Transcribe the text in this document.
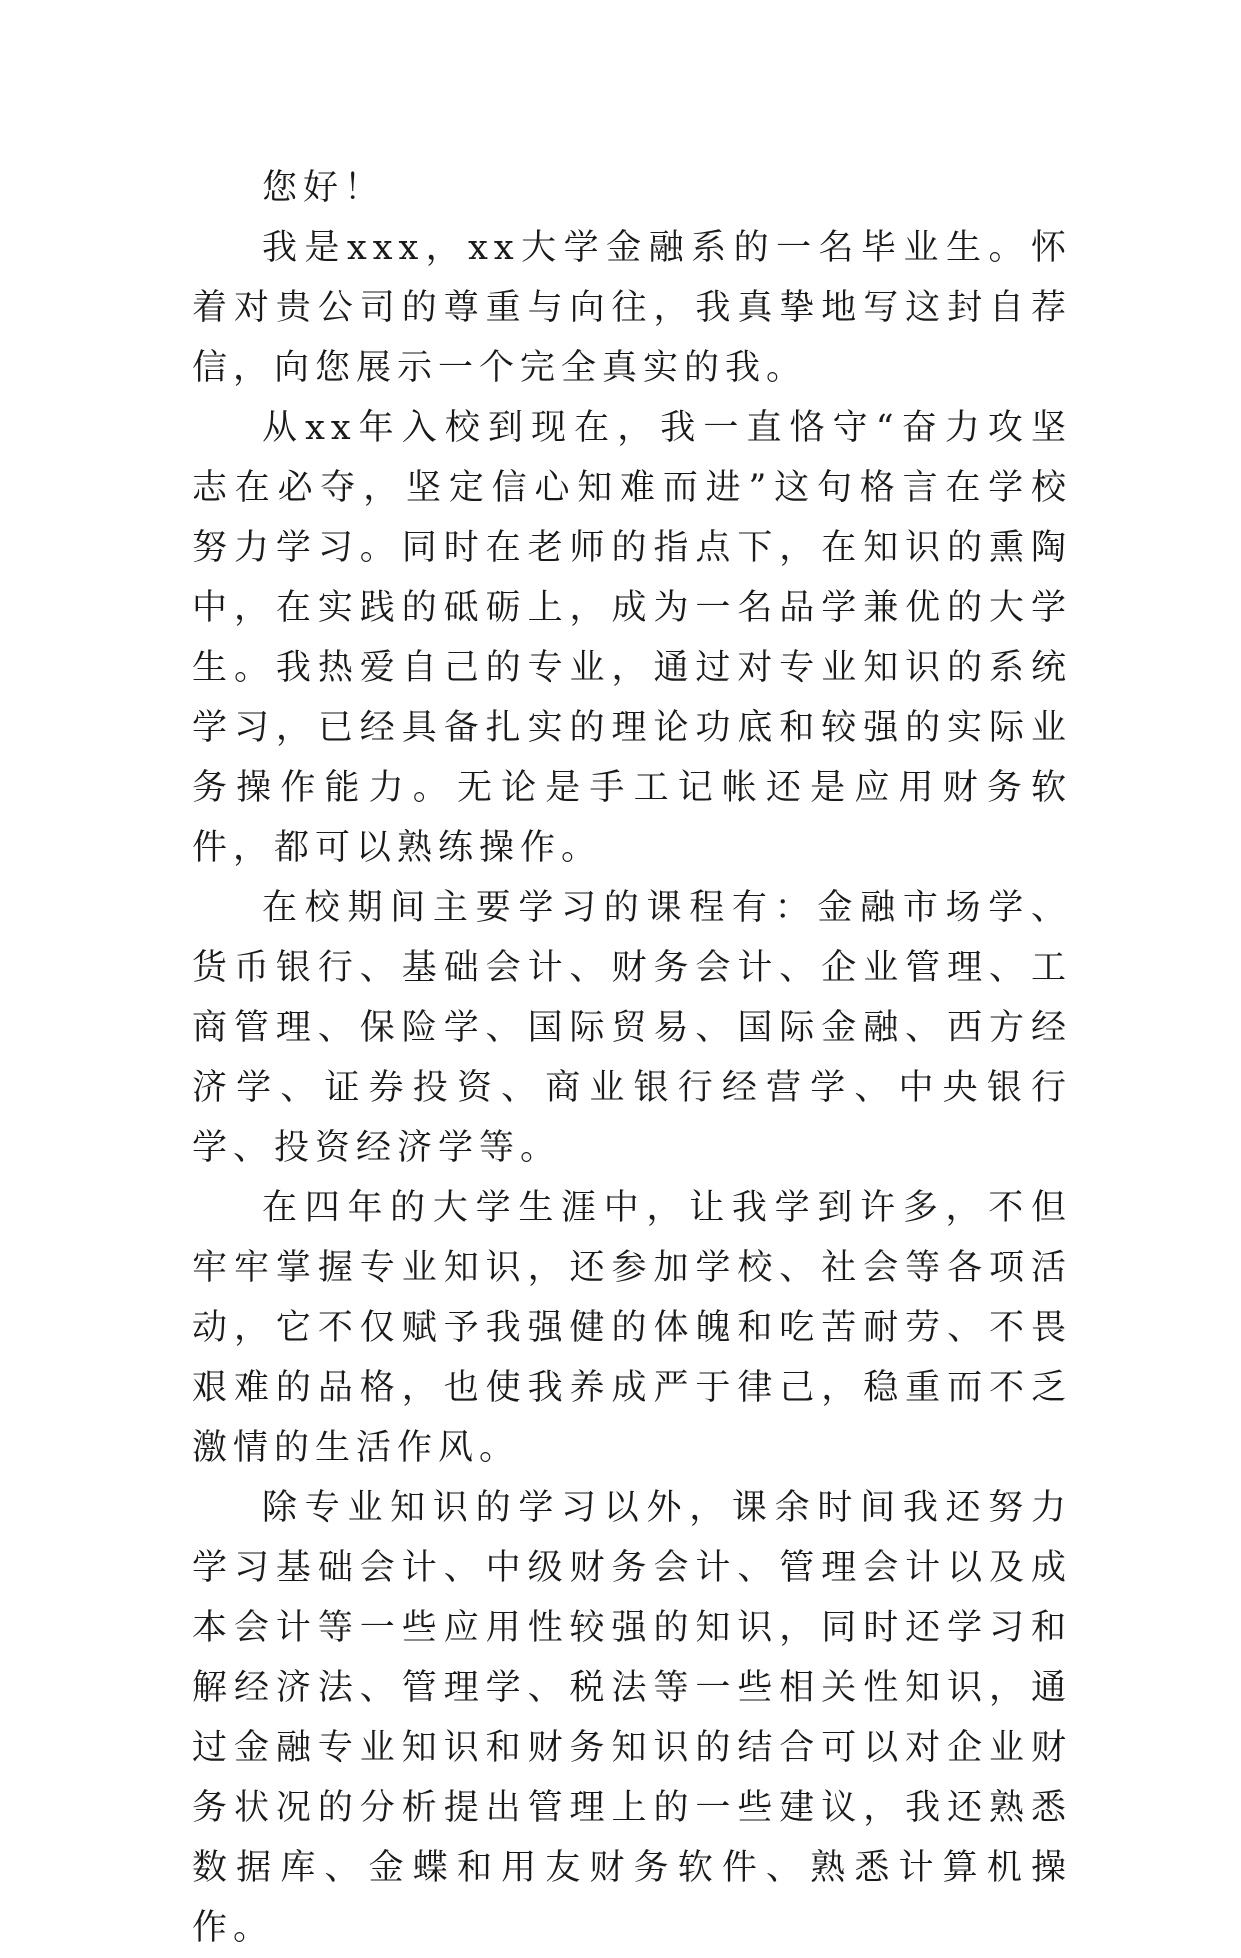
您好！

我是xxx，xx大学金融系的一名毕业生。怀着对贵公司的尊重与向往，我真挚地写这封自荐信，向您展示一个完全真实的我。

从xx年入校到现在，我一直恪守“奋力攻坚志在必夺，坚定信心知难而进”这句格言在学校努力学习。同时在老师的指点下，在知识的熏陶中，在实践的砥砺上，成为一名品学兼优的大学生。我热爱自己的专业，通过对专业知识的系统学习，已经具备扎实的理论功底和较强的实际业务操作能力。无论是手工记帐还是应用财务软件，都可以熟练操作。

在校期间主要学习的课程有：金融市场学、货币银行、基础会计、财务会计、企业管理、工商管理、保险学、国际贸易、国际金融、西方经济学、证券投资、商业银行经营学、中央银行学、投资经济学等。

在四年的大学生涯中，让我学到许多，不但牢牢掌握专业知识，还参加学校、社会等各项活动，它不仅赋予我强健的体魄和吃苦耐劳、不畏艰难的品格，也使我养成严于律己，稳重而不乏激情的生活作风。

除专业知识的学习以外，课余时间我还努力学习基础会计、中级财务会计、管理会计以及成本会计等一些应用性较强的知识，同时还学习和解经济法、管理学、税法等一些相关性知识，通过金融专业知识和财务知识的结合可以对企业财务状况的分析提出管理上的一些建议，我还熟悉数据库、金蝶和用友财务软件、熟悉计算机操作。
